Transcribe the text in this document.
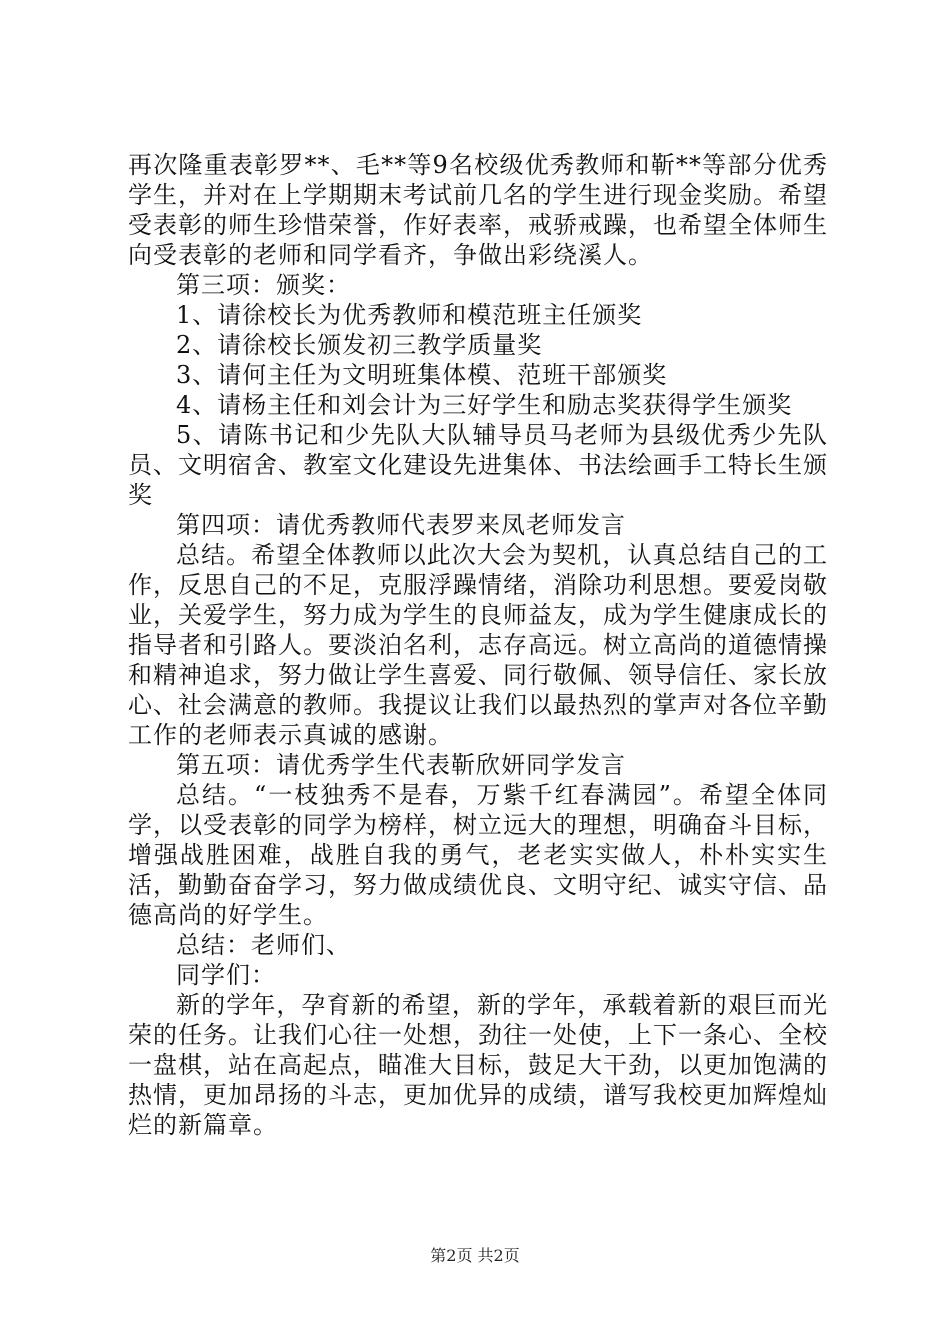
再次隆重表彰罗**、毛**等9名校级优秀教师和靳**等部分优秀学生，并对在上学期期末考试前几名的学生进行现金奖励。希望受表彰的师生珍惜荣誉，作好表率，戒骄戒躁，也希望全体师生向受表彰的老师和同学看齐，争做出彩绕溪人。

第三项：颁奖：

1、请徐校长为优秀教师和模范班主任颁奖

2、请徐校长颁发初三教学质量奖

3、请何主任为文明班集体模、范班干部颁奖

4、请杨主任和刘会计为三好学生和励志奖获得学生颁奖

5、请陈书记和少先队大队辅导员马老师为县级优秀少先队员、文明宿舍、教室文化建设先进集体、书法绘画手工特长生颁奖

第四项：请优秀教师代表罗来凤老师发言

总结。希望全体教师以此次大会为契机，认真总结自己的工作，反思自己的不足，克服浮躁情绪，消除功利思想。要爱岗敬业，关爱学生，努力成为学生的良师益友，成为学生健康成长的指导者和引路人。要淡泊名利，志存高远。树立高尚的道德情操和精神追求，努力做让学生喜爱、同行敬佩、领导信任、家长放心、社会满意的教师。我提议让我们以最热烈的掌声对各位辛勤工作的老师表示真诚的感谢。

第五项：请优秀学生代表靳欣妍同学发言

总结。“一枝独秀不是春，万紫千红春满园”。希望全体同学，以受表彰的同学为榜样，树立远大的理想，明确奋斗目标，增强战胜困难，战胜自我的勇气，老老实实做人，朴朴实实生活，勤勤奋奋学习，努力做成绩优良、文明守纪、诚实守信、品德高尚的好学生。

总结：老师们、

同学们：

新的学年，孕育新的希望，新的学年，承载着新的艰巨而光荣的任务。让我们心往一处想，劲往一处使，上下一条心、全校一盘棋，站在高起点，瞄准大目标，鼓足大干劲，以更加饱满的热情，更加昂扬的斗志，更加优异的成绩，谱写我校更加辉煌灿烂的新篇章。

第2页 共2页
